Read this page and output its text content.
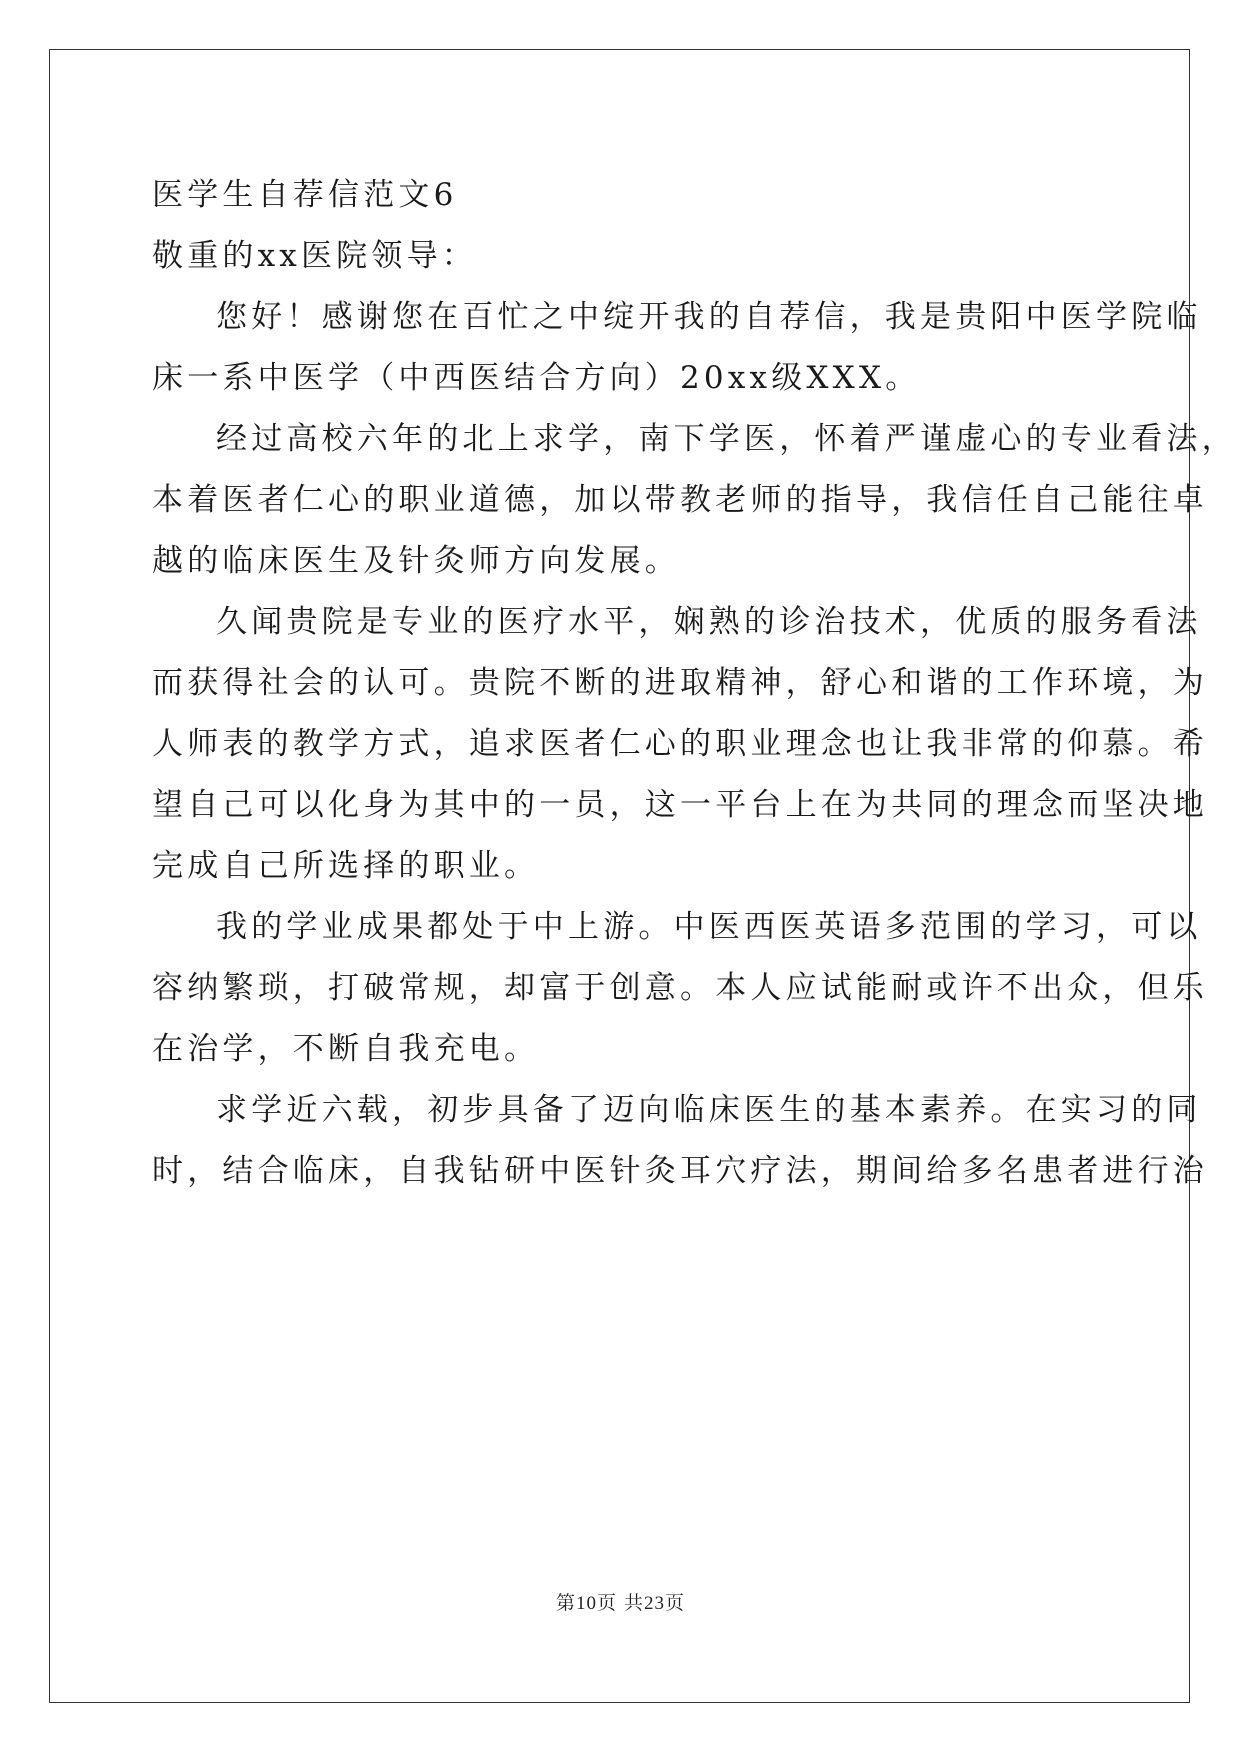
医学生自荐信范文6

敬重的xx医院领导：

您好！感谢您在百忙之中绽开我的自荐信，我是贵阳中医学院临

床一系中医学（中西医结合方向）20xx级XXX。

经过高校六年的北上求学，南下学医，怀着严谨虚心的专业看法，

本着医者仁心的职业道德，加以带教老师的指导，我信任自己能往卓

越的临床医生及针灸师方向发展。

久闻贵院是专业的医疗水平，娴熟的诊治技术，优质的服务看法

而获得社会的认可。贵院不断的进取精神，舒心和谐的工作环境，为

人师表的教学方式，追求医者仁心的职业理念也让我非常的仰慕。希

望自己可以化身为其中的一员，这一平台上在为共同的理念而坚决地

完成自己所选择的职业。

我的学业成果都处于中上游。中医西医英语多范围的学习，可以

容纳繁琐，打破常规，却富于创意。本人应试能耐或许不出众，但乐

在治学，不断自我充电。

求学近六载，初步具备了迈向临床医生的基本素养。在实习的同

时，结合临床，自我钻研中医针灸耳穴疗法，期间给多名患者进行治

第10页 共23页
